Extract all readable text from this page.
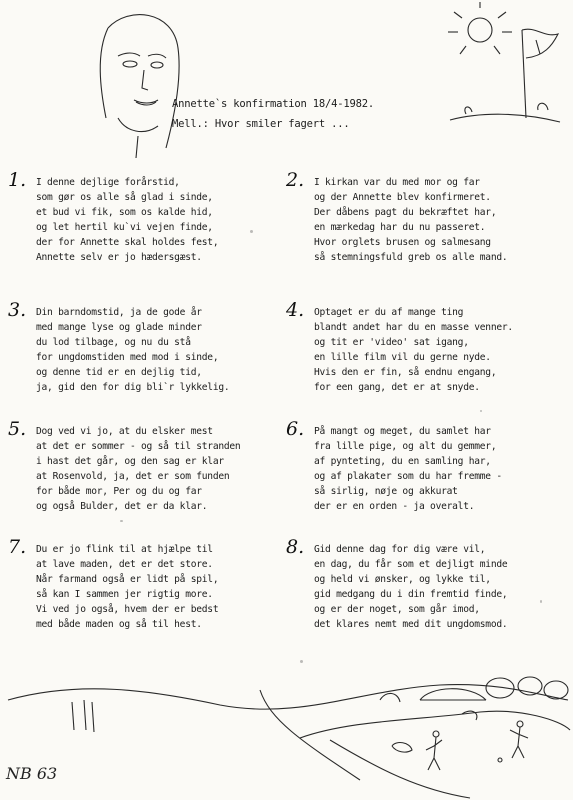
Annette`s konfirmation 18/4-1982.
Mell.: Hvor smiler fagert ...
1. I denne dejlige forårstid,
som gør os alle så glad i sinde,
et bud vi fik, som os kalde hid,
og let hertil ku`vi vejen finde,
der for Annette skal holdes fest,
Annette selv er jo hædersgæst.
2. I kirkan var du med mor og far
og der Annette blev konfirmeret.
Der dåbens pagt du bekræftet har,
en mærkedag har du nu passeret.
Hvor orglets brusen og salmesang
så stemningsfuld greb os alle mand.
3. Din barndomstid, ja de gode år
med mange lyse og glade minder
du lod tilbage, og nu du stå
for ungdomstiden med mod i sinde,
og denne tid er en dejlig tid,
ja, gid den for dig bli`r lykkelig.
4. Optaget er du af mange ting
blandt andet har du en masse venner.
og tit er 'video' sat igang,
en lille film vil du gerne nyde.
Hvis den er fin, så endnu engang,
for een gang, det er at snyde.
5. Dog ved vi jo, at du elsker mest
at det er sommer - og så til stranden
i hast det går, og den sag er klar
at Rosenvold, ja, det er som funden
for både mor, Per og du og far
og også Bulder, det er da klar.
6. På mangt og meget, du samlet har
fra lille pige, og alt du gemmer,
af pynteting, du en samling har,
og af plakater som du har fremme -
så sirlig, nøje og akkurat
der er en orden - ja overalt.
7. Du er jo flink til at hjælpe til
at lave maden, det er det store.
Når farmand også er lidt på spil,
så kan I sammen jer rigtig more.
Vi ved jo også, hvem der er bedst
med både maden og så til hest.
8. Gid denne dag for dig være vil,
en dag, du får som et dejligt minde
og held vi ønsker, og lykke til,
gid medgang du i din fremtid finde,
og er der noget, som går imod,
det klares nemt med dit ungdomsmod.
NB 63
